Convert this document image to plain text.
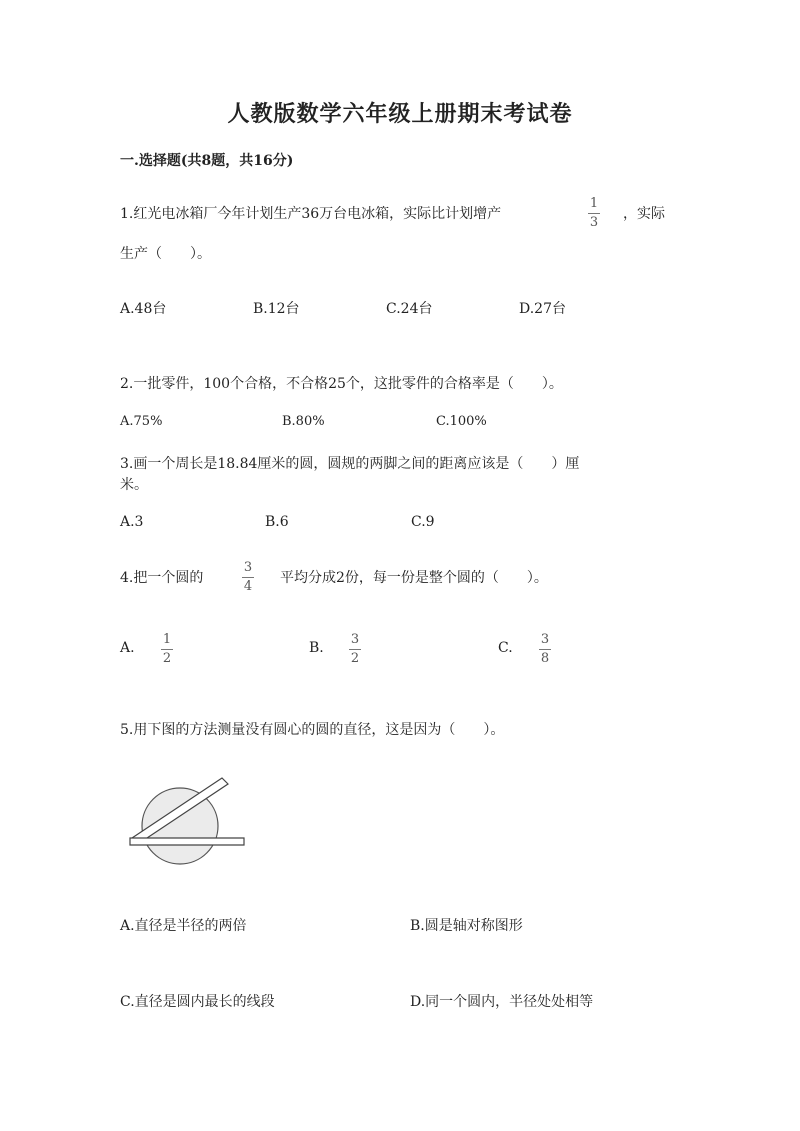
人教版数学六年级上册期末考试卷
一.选择题(共8题，共16分)
1.红光电冰箱厂今年计划生产36万台电冰箱，实际比计划增产
1
3
，实际
生产（　　）。
A.48台	B.12台	C.24台	D.27台
2.一批零件，100个合格，不合格25个，这批零件的合格率是（　　）。
A.75%	B.80%	C.100%
3.画一个周长是18.84厘米的圆，圆规的两脚之间的距离应该是（　　）厘
米。
A.3	B.6	C.9
4.把一个圆的
3
4
平均分成2份，每一份是整个圆的（　　）。
A.
1
2
B.
3
2
C.
3
8
5.用下图的方法测量没有圆心的圆的直径，这是因为（　　）。
A.直径是半径的两倍	B.圆是轴对称图形
C.直径是圆内最长的线段	D.同一个圆内，半径处处相等
